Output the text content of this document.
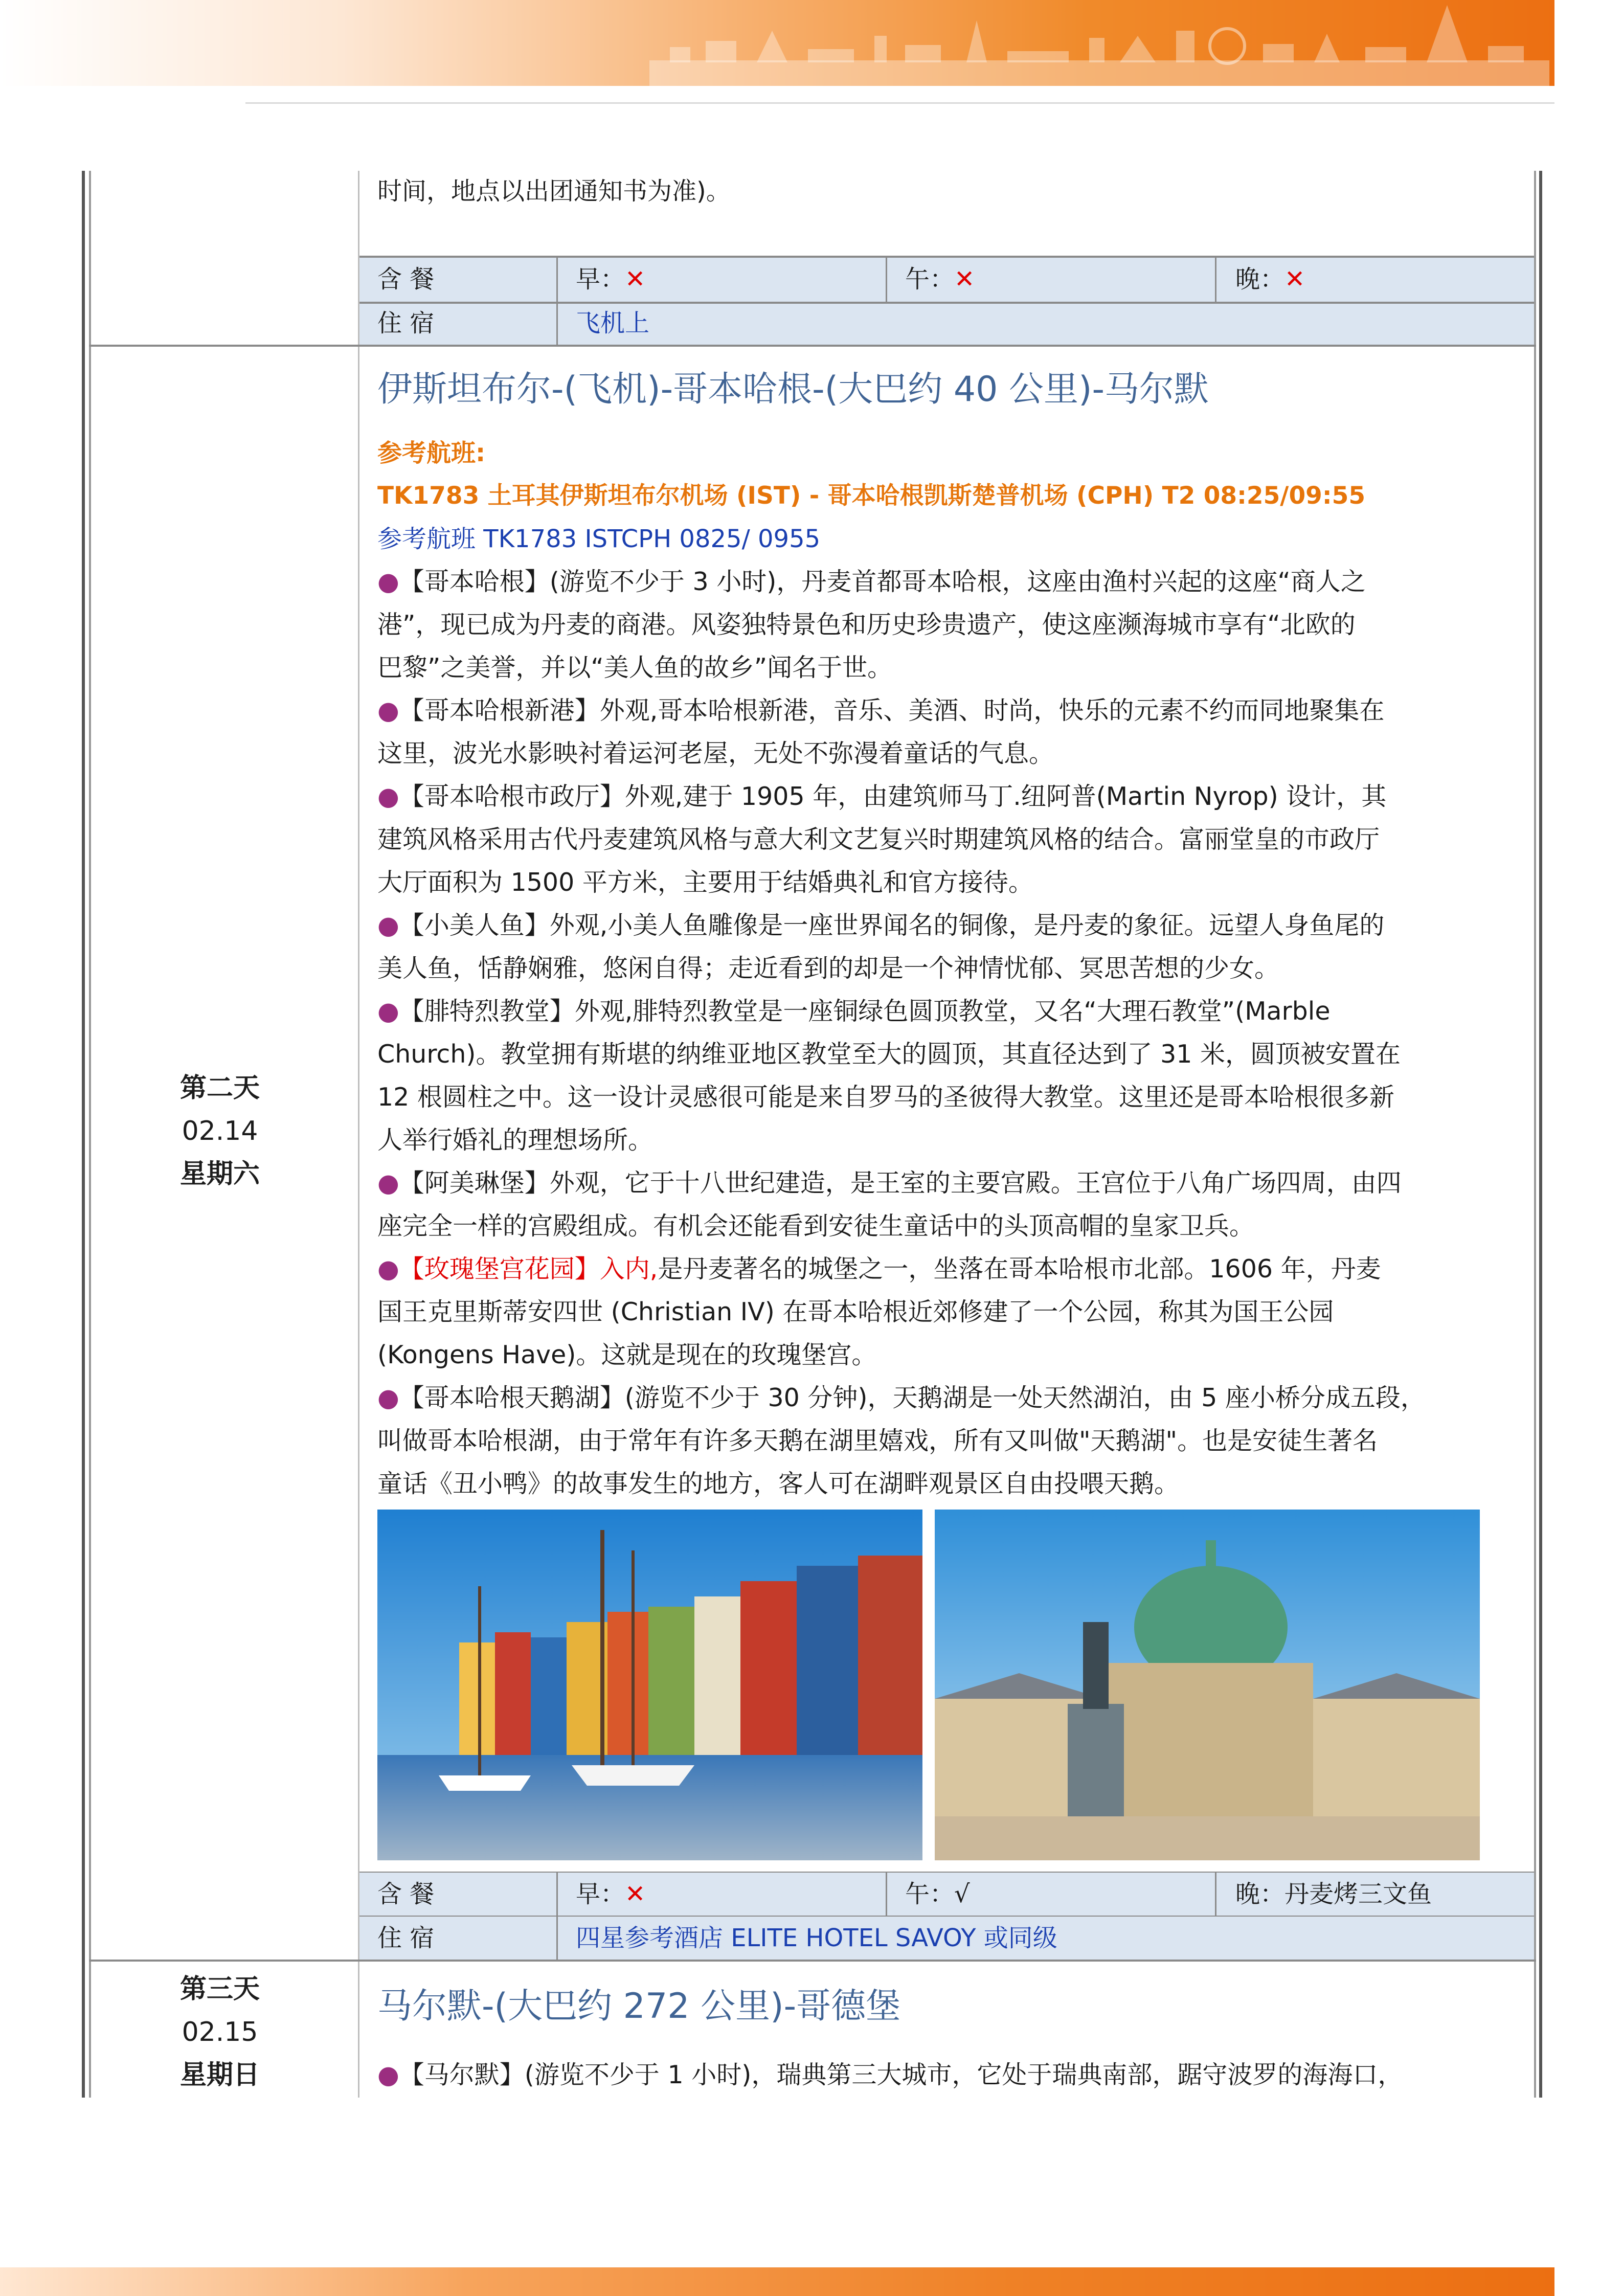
时间，地点以出团通知书为准)。
含 餐	早：✕	午：✕	晚：✕
住 宿	飞机上
第二天
02.14
星期六
伊斯坦布尔-(飞机)-哥本哈根-(大巴约 40 公里)-马尔默
参考航班:
TK1783 土耳其伊斯坦布尔机场 (IST) - 哥本哈根凯斯楚普机场 (CPH) T2 08:25/09:55
参考航班 TK1783 ISTCPH 0825/ 0955
●【哥本哈根】(游览不少于 3 小时)，丹麦首都哥本哈根，这座由渔村兴起的这座“商人之
港”，现已成为丹麦的商港。风姿独特景色和历史珍贵遗产，使这座濒海城市享有“北欧的
巴黎”之美誉，并以“美人鱼的故乡”闻名于世。
●【哥本哈根新港】外观,哥本哈根新港，音乐、美酒、时尚，快乐的元素不约而同地聚集在
这里，波光水影映衬着运河老屋，无处不弥漫着童话的气息。
●【哥本哈根市政厅】外观,建于 1905 年，由建筑师马丁.纽阿普(Martin Nyrop) 设计，其
建筑风格采用古代丹麦建筑风格与意大利文艺复兴时期建筑风格的结合。富丽堂皇的市政厅
大厅面积为 1500 平方米，主要用于结婚典礼和官方接待。
●【小美人鱼】外观,小美人鱼雕像是一座世界闻名的铜像，是丹麦的象征。远望人身鱼尾的
美人鱼，恬静娴雅，悠闲自得；走近看到的却是一个神情忧郁、冥思苦想的少女。
●【腓特烈教堂】外观,腓特烈教堂是一座铜绿色圆顶教堂，又名“大理石教堂”(Marble
Church)。教堂拥有斯堪的纳维亚地区教堂至大的圆顶，其直径达到了 31 米，圆顶被安置在
12 根圆柱之中。这一设计灵感很可能是来自罗马的圣彼得大教堂。这里还是哥本哈根很多新
人举行婚礼的理想场所。
●【阿美琳堡】外观，它于十八世纪建造，是王室的主要宫殿。王宫位于八角广场四周，由四
座完全一样的宫殿组成。有机会还能看到安徒生童话中的头顶高帽的皇家卫兵。
●【玫瑰堡宫花园】入内,是丹麦著名的城堡之一，坐落在哥本哈根市北部。1606 年，丹麦
国王克里斯蒂安四世 (Christian IV) 在哥本哈根近郊修建了一个公园，称其为国王公园
(Kongens Have)。这就是现在的玫瑰堡宫。
●【哥本哈根天鹅湖】(游览不少于 30 分钟)，天鹅湖是一处天然湖泊，由 5 座小桥分成五段，
叫做哥本哈根湖，由于常年有许多天鹅在湖里嬉戏，所有又叫做"天鹅湖"。也是安徒生著名
童话《丑小鸭》的故事发生的地方，客人可在湖畔观景区自由投喂天鹅。
含 餐	早：✕	午：√	晚：丹麦烤三文鱼
住 宿	四星参考酒店 ELITE HOTEL SAVOY 或同级
第三天
02.15
星期日
马尔默-(大巴约 272 公里)-哥德堡
●【马尔默】(游览不少于 1 小时)，瑞典第三大城市，它处于瑞典南部，踞守波罗的海海口，
